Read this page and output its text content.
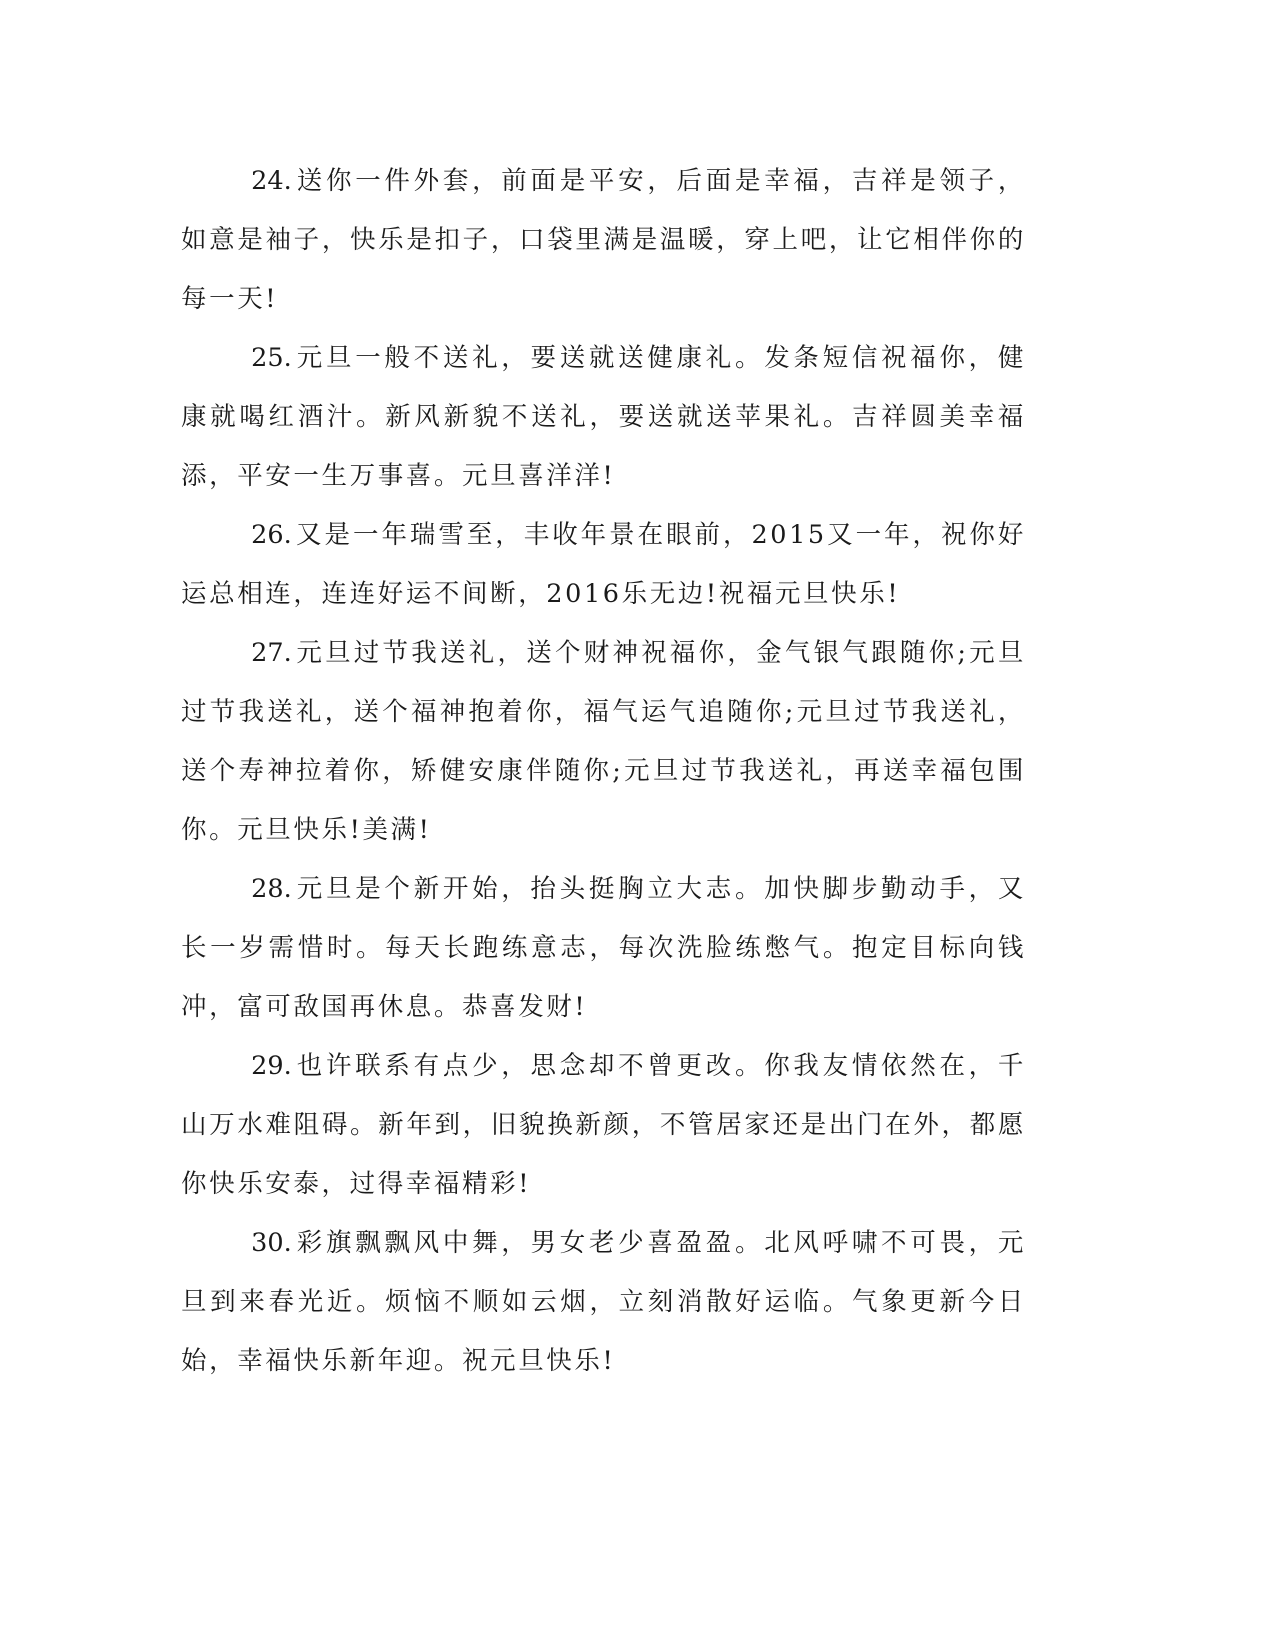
24. 送你一件外套，前面是平安，后面是幸福，吉祥是领子，如意是袖子，快乐是扣子，口袋里满是温暖，穿上吧，让它相伴你的每一天!

25. 元旦一般不送礼，要送就送健康礼。发条短信祝福你，健康就喝红酒汁。新风新貌不送礼，要送就送苹果礼。吉祥圆美幸福添，平安一生万事喜。元旦喜洋洋!

26. 又是一年瑞雪至，丰收年景在眼前，2015又一年，祝你好运总相连，连连好运不间断，2016乐无边!祝福元旦快乐!

27. 元旦过节我送礼，送个财神祝福你，金气银气跟随你;元旦过节我送礼，送个福神抱着你，福气运气追随你;元旦过节我送礼，送个寿神拉着你，矫健安康伴随你;元旦过节我送礼，再送幸福包围你。元旦快乐!美满!

28. 元旦是个新开始，抬头挺胸立大志。加快脚步勤动手，又长一岁需惜时。每天长跑练意志，每次洗脸练憋气。抱定目标向钱冲，富可敌国再休息。恭喜发财!

29. 也许联系有点少，思念却不曾更改。你我友情依然在，千山万水难阻碍。新年到，旧貌换新颜，不管居家还是出门在外，都愿你快乐安泰，过得幸福精彩!

30. 彩旗飘飘风中舞，男女老少喜盈盈。北风呼啸不可畏，元旦到来春光近。烦恼不顺如云烟，立刻消散好运临。气象更新今日始，幸福快乐新年迎。祝元旦快乐!
